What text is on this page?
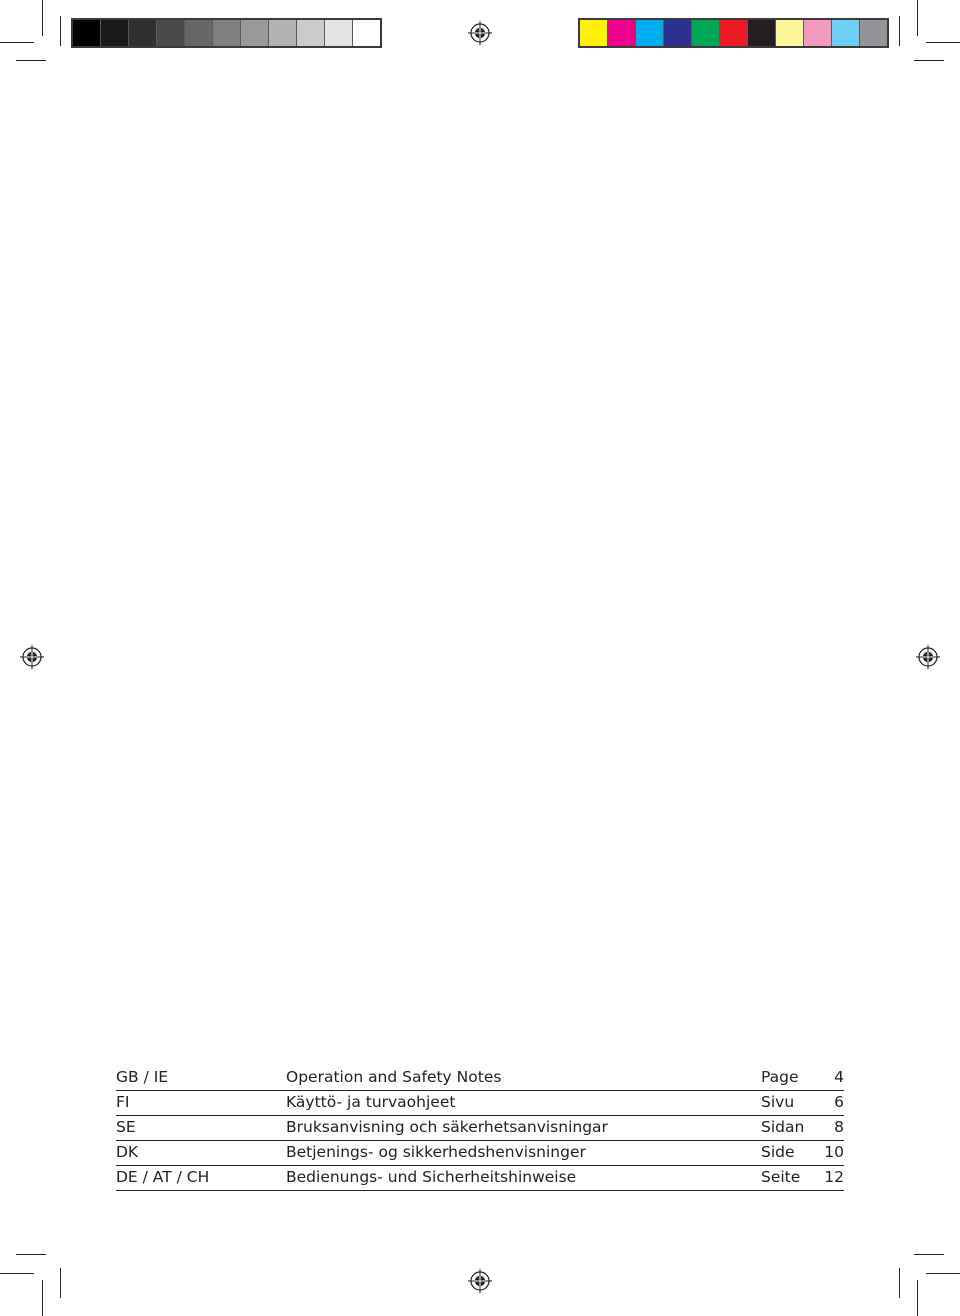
GB / IE	Operation and Safety Notes	Page 4
FI	Käyttö- ja turvaohjeet	Sivu	6
SE	Bruksanvisning och säkerhetsanvisningar	Sidan 8
DK	Betjenings- og sikkerhedshenvisninger	Side 10
DE / AT / CH	Bedienungs- und Sicherheitshinweise	Seite 12
